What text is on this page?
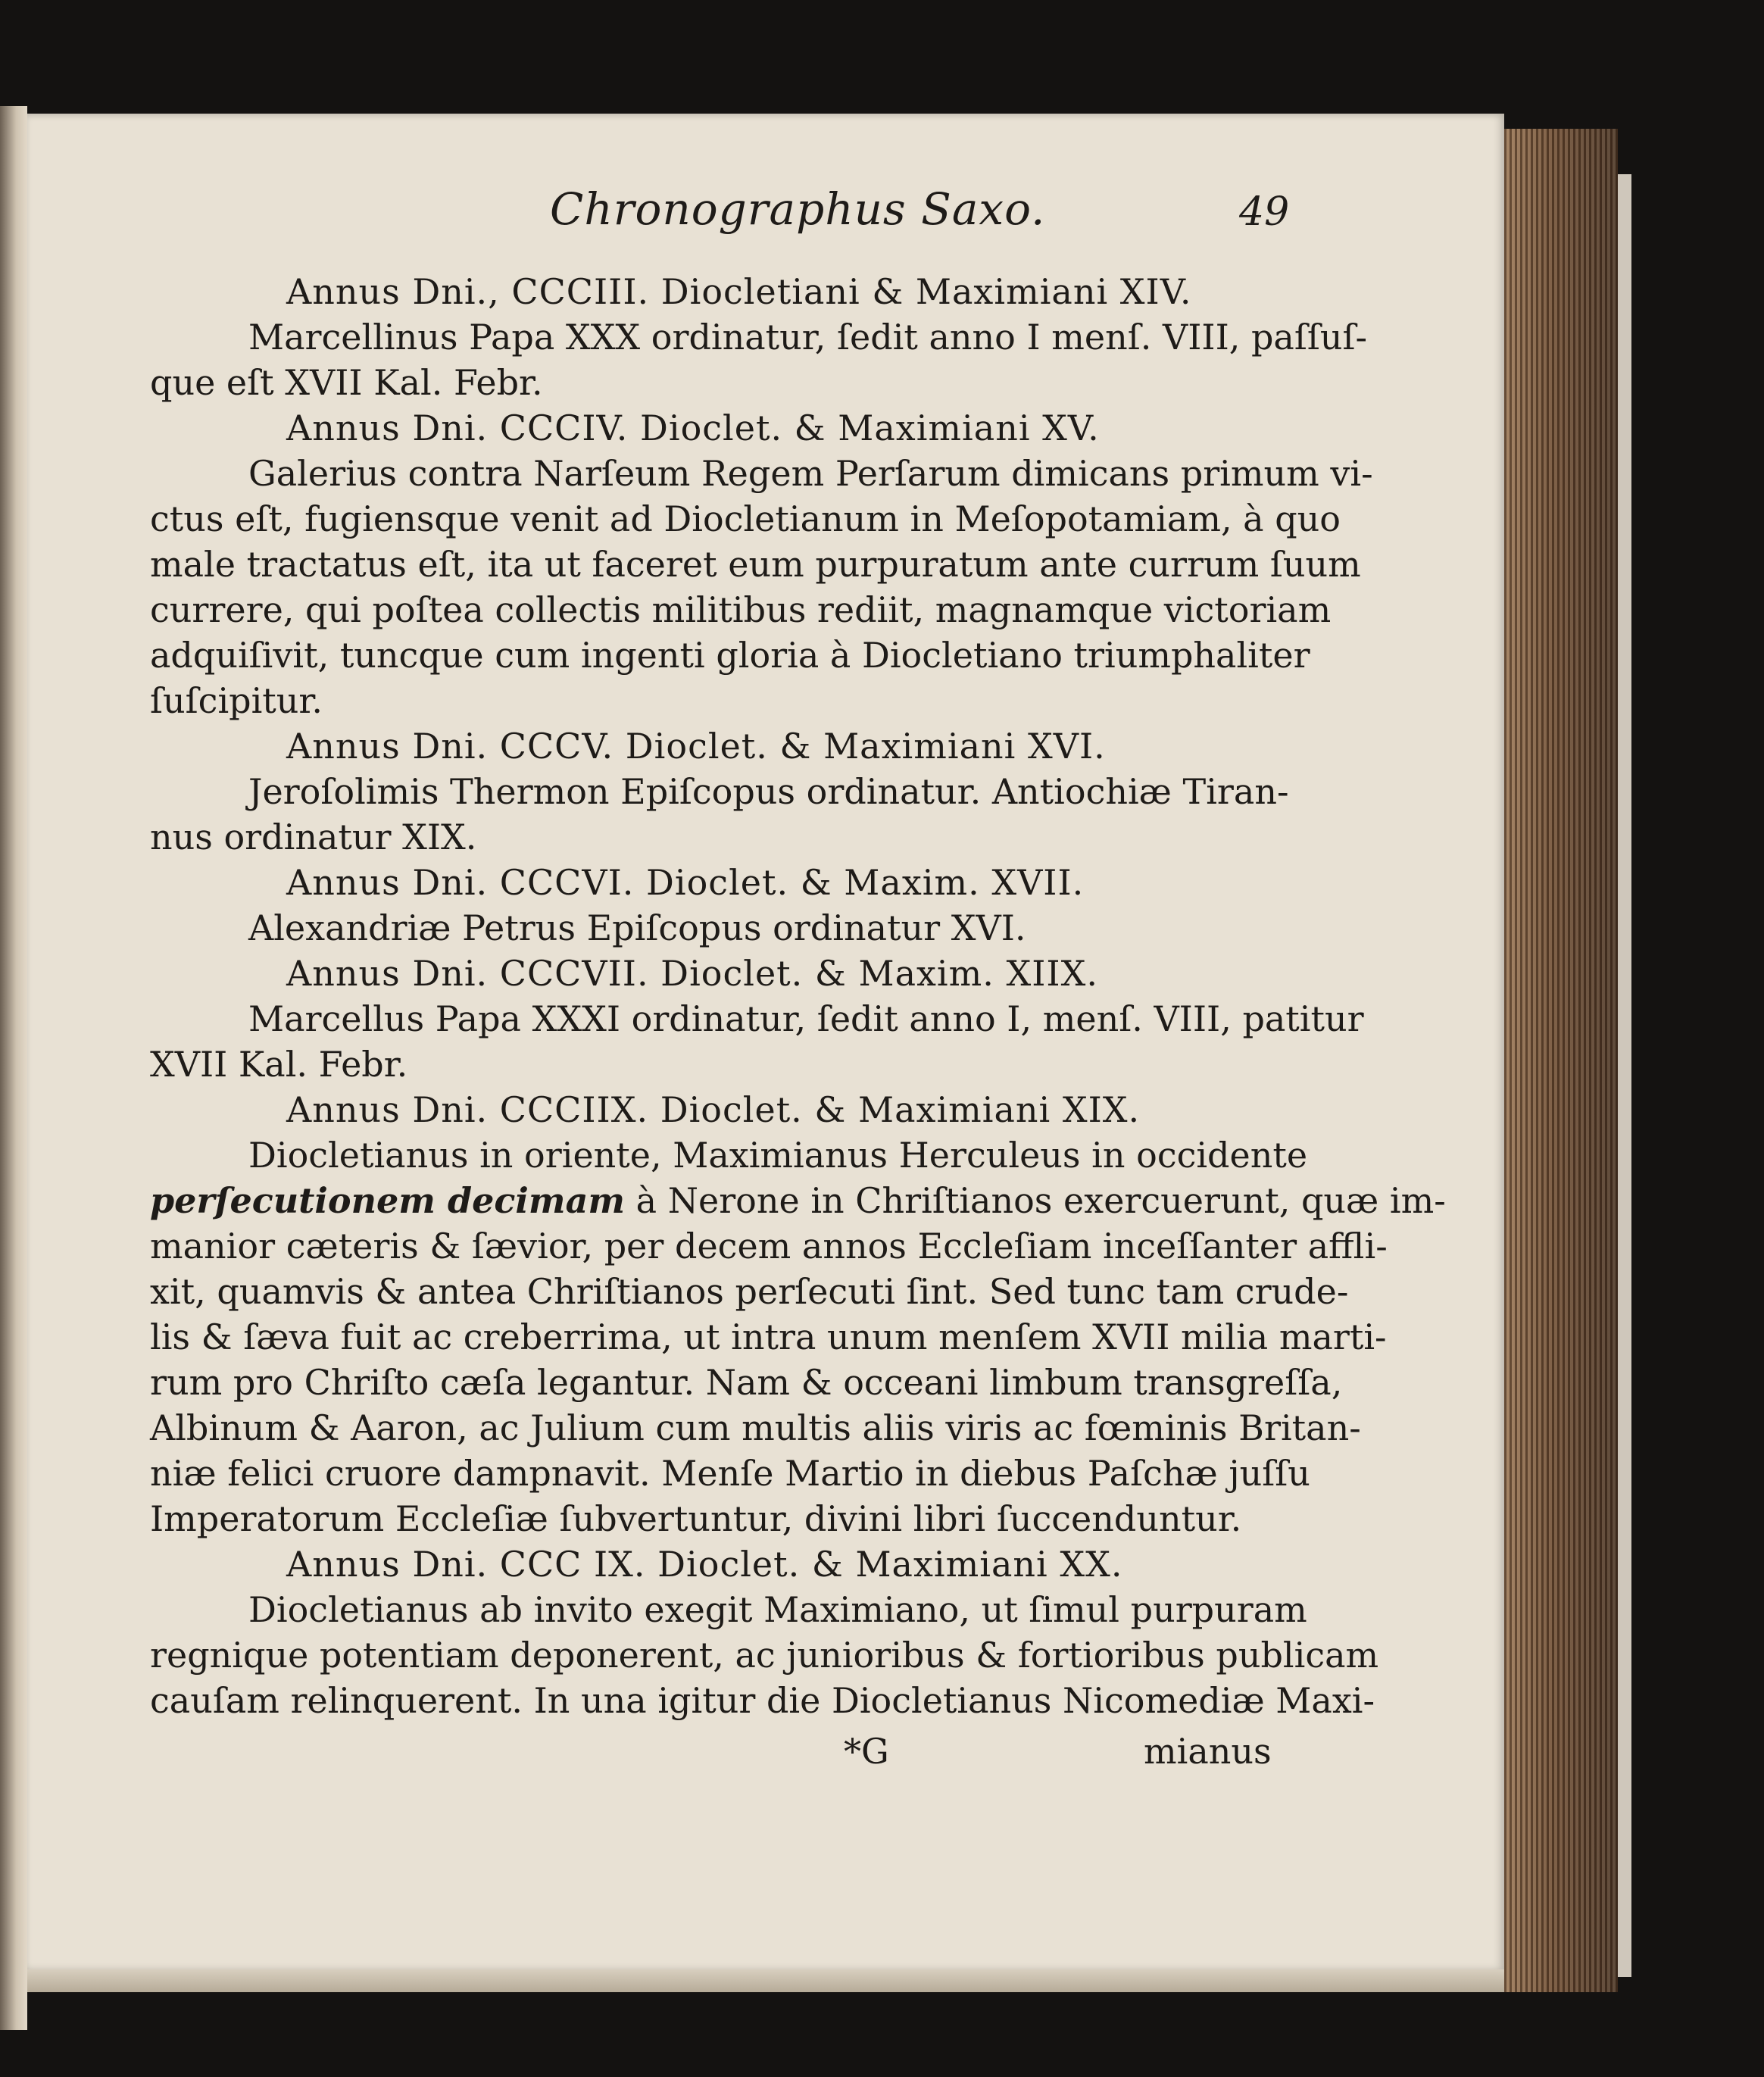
Chronographus Saxo.	49
Annus Dni., CCCIII. Diocletiani & Maximiani XIV.
Marcellinus Papa XXX ordinatur, ſedit anno I menſ. VIII, paſſuſ-
que eſt XVII Kal. Febr.
Annus Dni. CCCIV. Dioclet. & Maximiani XV.
Galerius contra Narſeum Regem Perſarum dimicans primum vi-
ctus eſt, fugiensque venit ad Diocletianum in Meſopotamiam, à quo
male tractatus eſt, ita ut faceret eum purpuratum ante currum ſuum
currere, qui poſtea collectis militibus rediit, magnamque victoriam
adquiſivit, tuncque cum ingenti gloria à Diocletiano triumphaliter
ſuſcipitur.
Annus Dni. CCCV. Dioclet. & Maximiani XVI.
Jeroſolimis Thermon Epiſcopus ordinatur. Antiochiæ Tiran-
nus ordinatur XIX.
Annus Dni. CCCVI. Dioclet. & Maxim. XVII.
Alexandriæ Petrus Epiſcopus ordinatur XVI.
Annus Dni. CCCVII. Dioclet. & Maxim. XIIX.
Marcellus Papa XXXI ordinatur, ſedit anno I, menſ. VIII, patitur
XVII Kal. Febr.
Annus Dni. CCCIIX. Dioclet. & Maximiani XIX.
Diocletianus in oriente, Maximianus Herculeus in occidente
perſecutionem decimam à Nerone in Chriſtianos exercuerunt, quæ im-
manior cæteris & ſævior, per decem annos Eccleſiam inceſſanter affli-
xit, quamvis & antea Chriſtianos perſecuti ſint. Sed tunc tam crude-
lis & ſæva fuit ac creberrima, ut intra unum menſem XVII milia marti-
rum pro Chriſto cæſa legantur. Nam & occeani limbum transgreſſa,
Albinum & Aaron, ac Julium cum multis aliis viris ac fœminis Britan-
niæ felici cruore dampnavit. Menſe Martio in diebus Paſchæ juſſu
Imperatorum Eccleſiæ ſubvertuntur, divini libri ſuccenduntur.
Annus Dni. CCC IX. Dioclet. & Maximiani XX.
Diocletianus ab invito exegit Maximiano, ut ſimul purpuram
regnique potentiam deponerent, ac junioribus & fortioribus publicam
cauſam relinquerent. In una igitur die Diocletianus Nicomediæ Maxi-
*G	mianus
